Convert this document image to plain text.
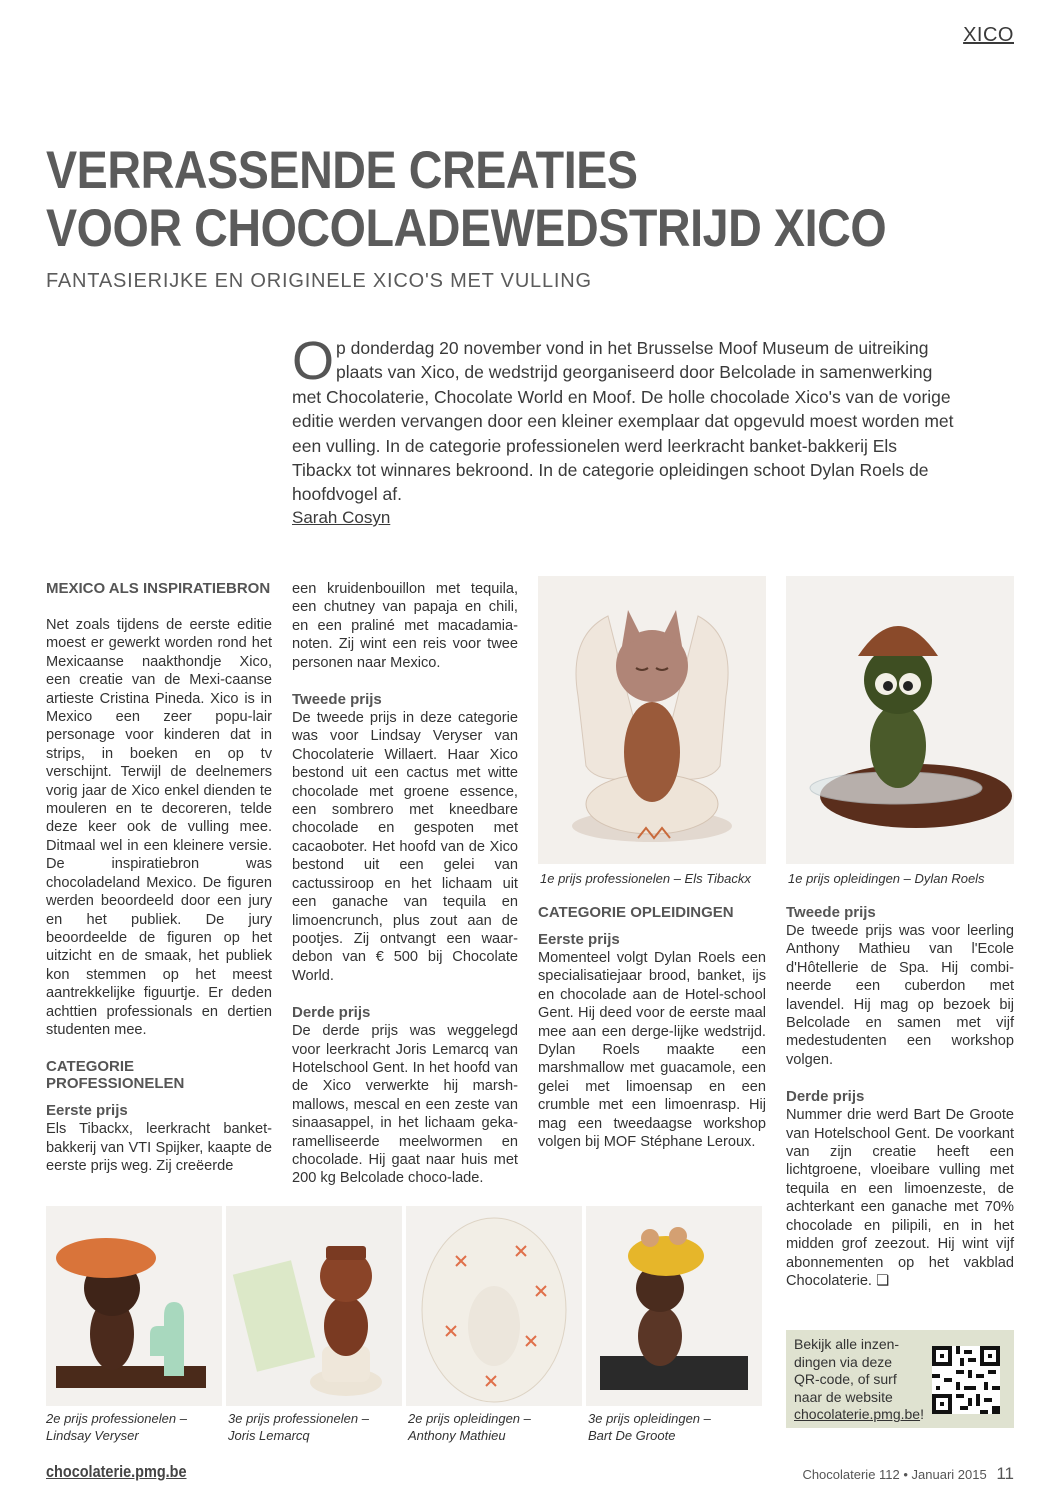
XICO
VERRASSENDE CREATIES
VOOR CHOCOLADEWEDSTRIJD XICO
FANTASIERIJKE EN ORIGINELE XICO'S MET VULLING
O p donderdag 20 november vond in het Brusselse Moof Museum de uitreiking plaats van Xico, de wedstrijd georganiseerd door Belcolade in samenwerking met Chocolaterie, Chocolate World en Moof. De holle chocolade Xico's van de vorige editie werden vervangen door een kleiner exemplaar dat opgevuld moest worden met een vulling. In de categorie professionelen werd leerkracht banket-bakkerij Els Tibackx tot winnares bekroond. In de categorie opleidingen schoot Dylan Roels de hoofdvogel af.
Sarah Cosyn
MEXICO ALS INSPIRATIEBRON

Net zoals tijdens de eerste editie moest er gewerkt worden rond het Mexicaanse naakthondje Xico, een creatie van de Mexi-caanse artieste Cristina Pineda. Xico is in Mexico een zeer popu-lair personage voor kinderen dat in strips, in boeken en op tv verschijnt. Terwijl de deelnemers vorig jaar de Xico enkel dienden te mouleren en te decoreren, telde deze keer ook de vulling mee. Ditmaal wel in een kleinere versie. De inspiratiebron was chocoladeland Mexico. De figuren werden beoordeeld door een jury en het publiek. De jury beoordeelde de figuren op het uitzicht en de smaak, het publiek kon stemmen op het meest aantrekkelijke figuurtje. Er deden achttien professionals en dertien studenten mee.

CATEGORIE PROFESSIONELEN
Eerste prijs

Els Tibackx, leerkracht banket-bakkerij van VTI Spijker, kaapte de eerste prijs weg. Zij creëerde

een kruidenbouillon met tequila, een chutney van papaja en chili, en een praliné met macadamia-noten. Zij wint een reis voor twee personen naar Mexico.

Tweede prijs

De tweede prijs in deze categorie was voor Lindsay Veryser van Chocolaterie Willaert. Haar Xico bestond uit een cactus met witte chocolade met groene essence, een sombrero met kneedbare chocolade en gespoten met cacaoboter. Het hoofd van de Xico bestond uit een gelei van cactussiroop en het lichaam uit een ganache van tequila en limoencrunch, plus zout aan de pootjes. Zij ontvangt een waar-debon van € 500 bij Chocolate World.

Derde prijs

De derde prijs was weggelegd voor leerkracht Joris Lemarcq van Hotelschool Gent. In het hoofd van de Xico verwerkte hij marsh-mallows, mescal en een zeste van sinaasappel, in het lichaam geka-ramelliseerde meelwormen en chocolade. Hij gaat naar huis met 200 kg Belcolade choco-lade.

1e prijs professionelen – Els Tibackx
CATEGORIE OPLEIDINGEN
Eerste prijs

Momenteel volgt Dylan Roels een specialisatiejaar brood, banket, ijs en chocolade aan de Hotel-school Gent. Hij deed voor de eerste maal mee aan een derge-lijke wedstrijd. Dylan Roels maakte een marshmallow met guacamole, een gelei met limoensap en een crumble met een limoenrasp. Hij mag een tweedaagse workshop volgen bij MOF Stéphane Leroux.

1e prijs opleidingen – Dylan Roels
Tweede prijs

De tweede prijs was voor leerling Anthony Mathieu van l'Ecole d'Hôtellerie de Spa. Hij combi-neerde een cuberdon met lavendel. Hij mag op bezoek bij Belcolade en samen met vijf medestudenten een workshop volgen.

Derde prijs

Nummer drie werd Bart De Groote van Hotelschool Gent. De voorkant van zijn creatie heeft een lichtgroene, vloeibare vulling met tequila en een limoenzeste, de achterkant een ganache met 70% chocolade en pilipili, en in het midden grof zeezout. Hij wint vijf abonnementen op het vakblad Chocolaterie. ❏

2e prijs professionelen –
Lindsay Veryser
3e prijs professionelen –
Joris Lemarcq
2e prijs opleidingen –
Anthony Mathieu
3e prijs opleidingen –
Bart De Groote
Bekijk alle inzen-dingen via deze QR-code, of surf naar de website chocolaterie.pmg.be!
chocolaterie.pmg.be	Chocolaterie 112 • Januari 2015 11
